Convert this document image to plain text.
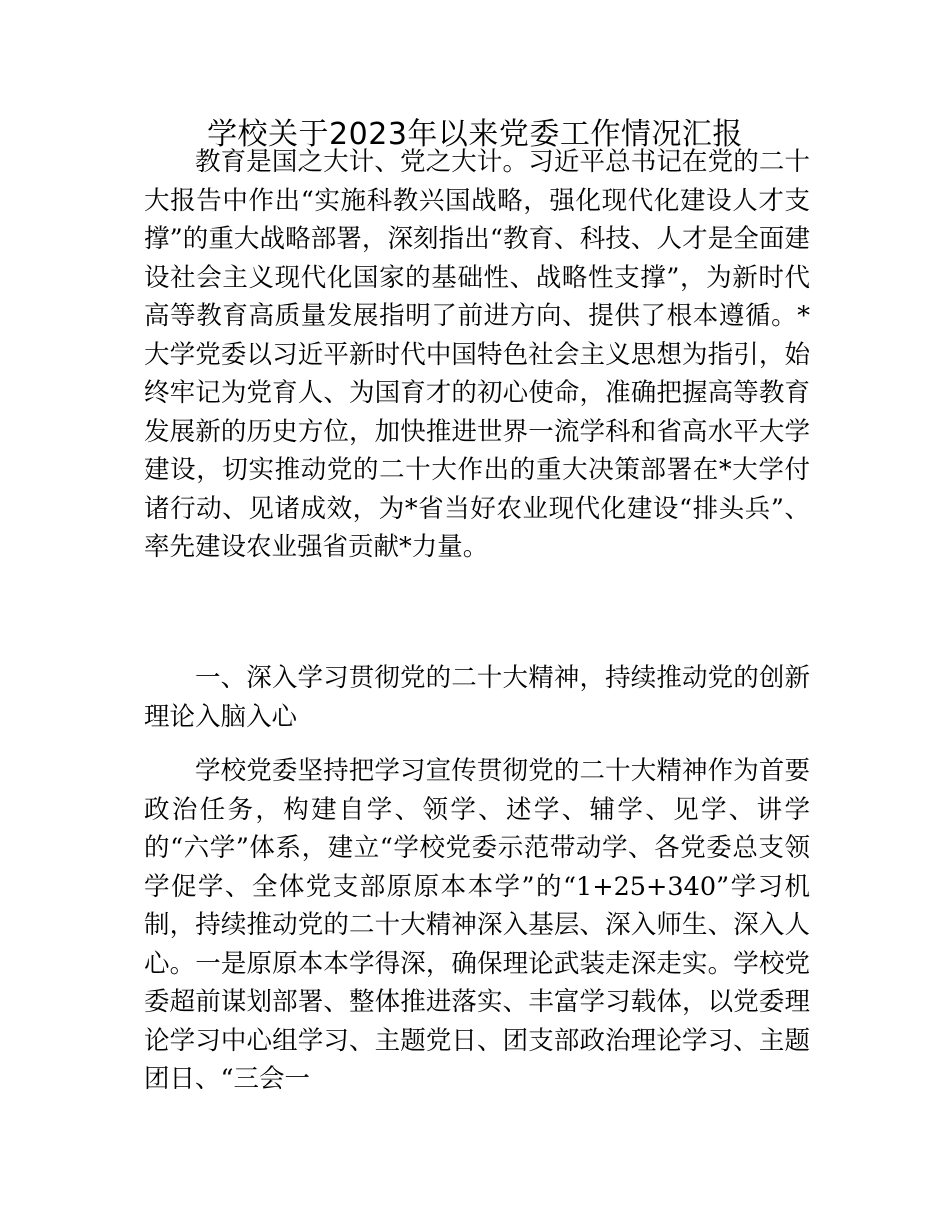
学校关于2023年以来党委工作情况汇报

教育是国之大计、党之大计。习近平总书记在党的二十大报告中作出“实施科教兴国战略，强化现代化建设人才支撑”的重大战略部署，深刻指出“教育、科技、人才是全面建设社会主义现代化国家的基础性、战略性支撑”，为新时代高等教育高质量发展指明了前进方向、提供了根本遵循。*大学党委以习近平新时代中国特色社会主义思想为指引，始终牢记为党育人、为国育才的初心使命，准确把握高等教育发展新的历史方位，加快推进世界一流学科和省高水平大学建设，切实推动党的二十大作出的重大决策部署在*大学付诸行动、见诸成效，为*省当好农业现代化建设“排头兵”、率先建设农业强省贡献*力量。

一、深入学习贯彻党的二十大精神，持续推动党的创新理论入脑入心

学校党委坚持把学习宣传贯彻党的二十大精神作为首要政治任务，构建自学、领学、述学、辅学、见学、讲学的“六学”体系，建立“学校党委示范带动学、各党委总支领学促学、全体党支部原原本本学”的“1+25+340”学习机制，持续推动党的二十大精神深入基层、深入师生、深入人心。一是原原本本学得深，确保理论武装走深走实。学校党委超前谋划部署、整体推进落实、丰富学习载体，以党委理论学习中心组学习、主题党日、团支部政治理论学习、主题团日、“三会一
